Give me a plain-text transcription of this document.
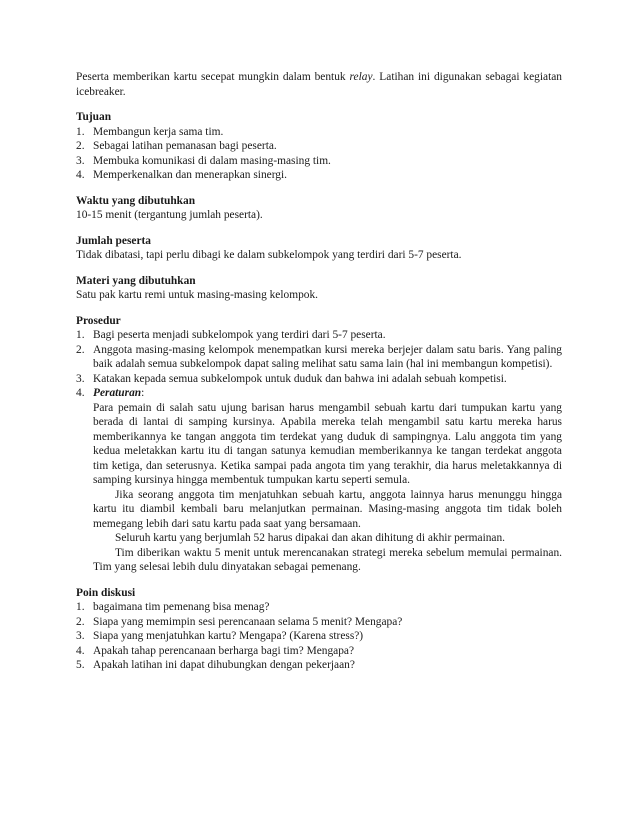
Peserta memberikan kartu secepat mungkin dalam bentuk relay. Latihan ini digunakan sebagai kegiatan icebreaker.

Tujuan
1. Membangun kerja sama tim.
2. Sebagai latihan pemanasan bagi peserta.
3. Membuka komunikasi di dalam masing-masing tim.
4. Memperkenalkan dan menerapkan sinergi.
Waktu yang dibutuhkan

10-15 menit (tergantung jumlah peserta).

Jumlah peserta

Tidak dibatasi, tapi perlu dibagi ke dalam subkelompok yang terdiri dari 5-7 peserta.

Materi yang dibutuhkan

Satu pak kartu remi untuk masing-masing kelompok.

Prosedur
1. Bagi peserta menjadi subkelompok yang terdiri dari 5-7 peserta.
2. Anggota masing-masing kelompok menempatkan kursi mereka berjejer dalam satu baris. Yang paling baik adalah semua subkelompok dapat saling melihat satu sama lain (hal ini membangun kompetisi).
3. Katakan kepada semua subkelompok untuk duduk dan bahwa ini adalah sebuah kompetisi.
4. Peraturan:

Para pemain di salah satu ujung barisan harus mengambil sebuah kartu dari tumpukan kartu yang berada di lantai di samping kursinya. Apabila mereka telah mengambil satu kartu mereka harus memberikannya ke tangan anggota tim terdekat yang duduk di sampingnya. Lalu anggota tim yang kedua meletakkan kartu itu di tangan satunya kemudian memberikannya ke tangan terdekat anggota tim ketiga, dan seterusnya. Ketika sampai pada angota tim yang terakhir, dia harus meletakkannya di samping kursinya hingga membentuk tumpukan kartu seperti semula.

Jika seorang anggota tim menjatuhkan sebuah kartu, anggota lainnya harus menunggu hingga kartu itu diambil kembali baru melanjutkan permainan. Masing-masing anggota tim tidak boleh memegang lebih dari satu kartu pada saat yang bersamaan.

Seluruh kartu yang berjumlah 52 harus dipakai dan akan dihitung di akhir permainan.

Tim diberikan waktu 5 menit untuk merencanakan strategi mereka sebelum memulai permainan. Tim yang selesai lebih dulu dinyatakan sebagai pemenang.

Poin diskusi
1. bagaimana tim pemenang bisa menag?
2. Siapa yang memimpin sesi perencanaan selama 5 menit? Mengapa?
3. Siapa yang menjatuhkan kartu? Mengapa? (Karena stress?)
4. Apakah tahap perencanaan berharga bagi tim? Mengapa?
5. Apakah latihan ini dapat dihubungkan dengan pekerjaan?
